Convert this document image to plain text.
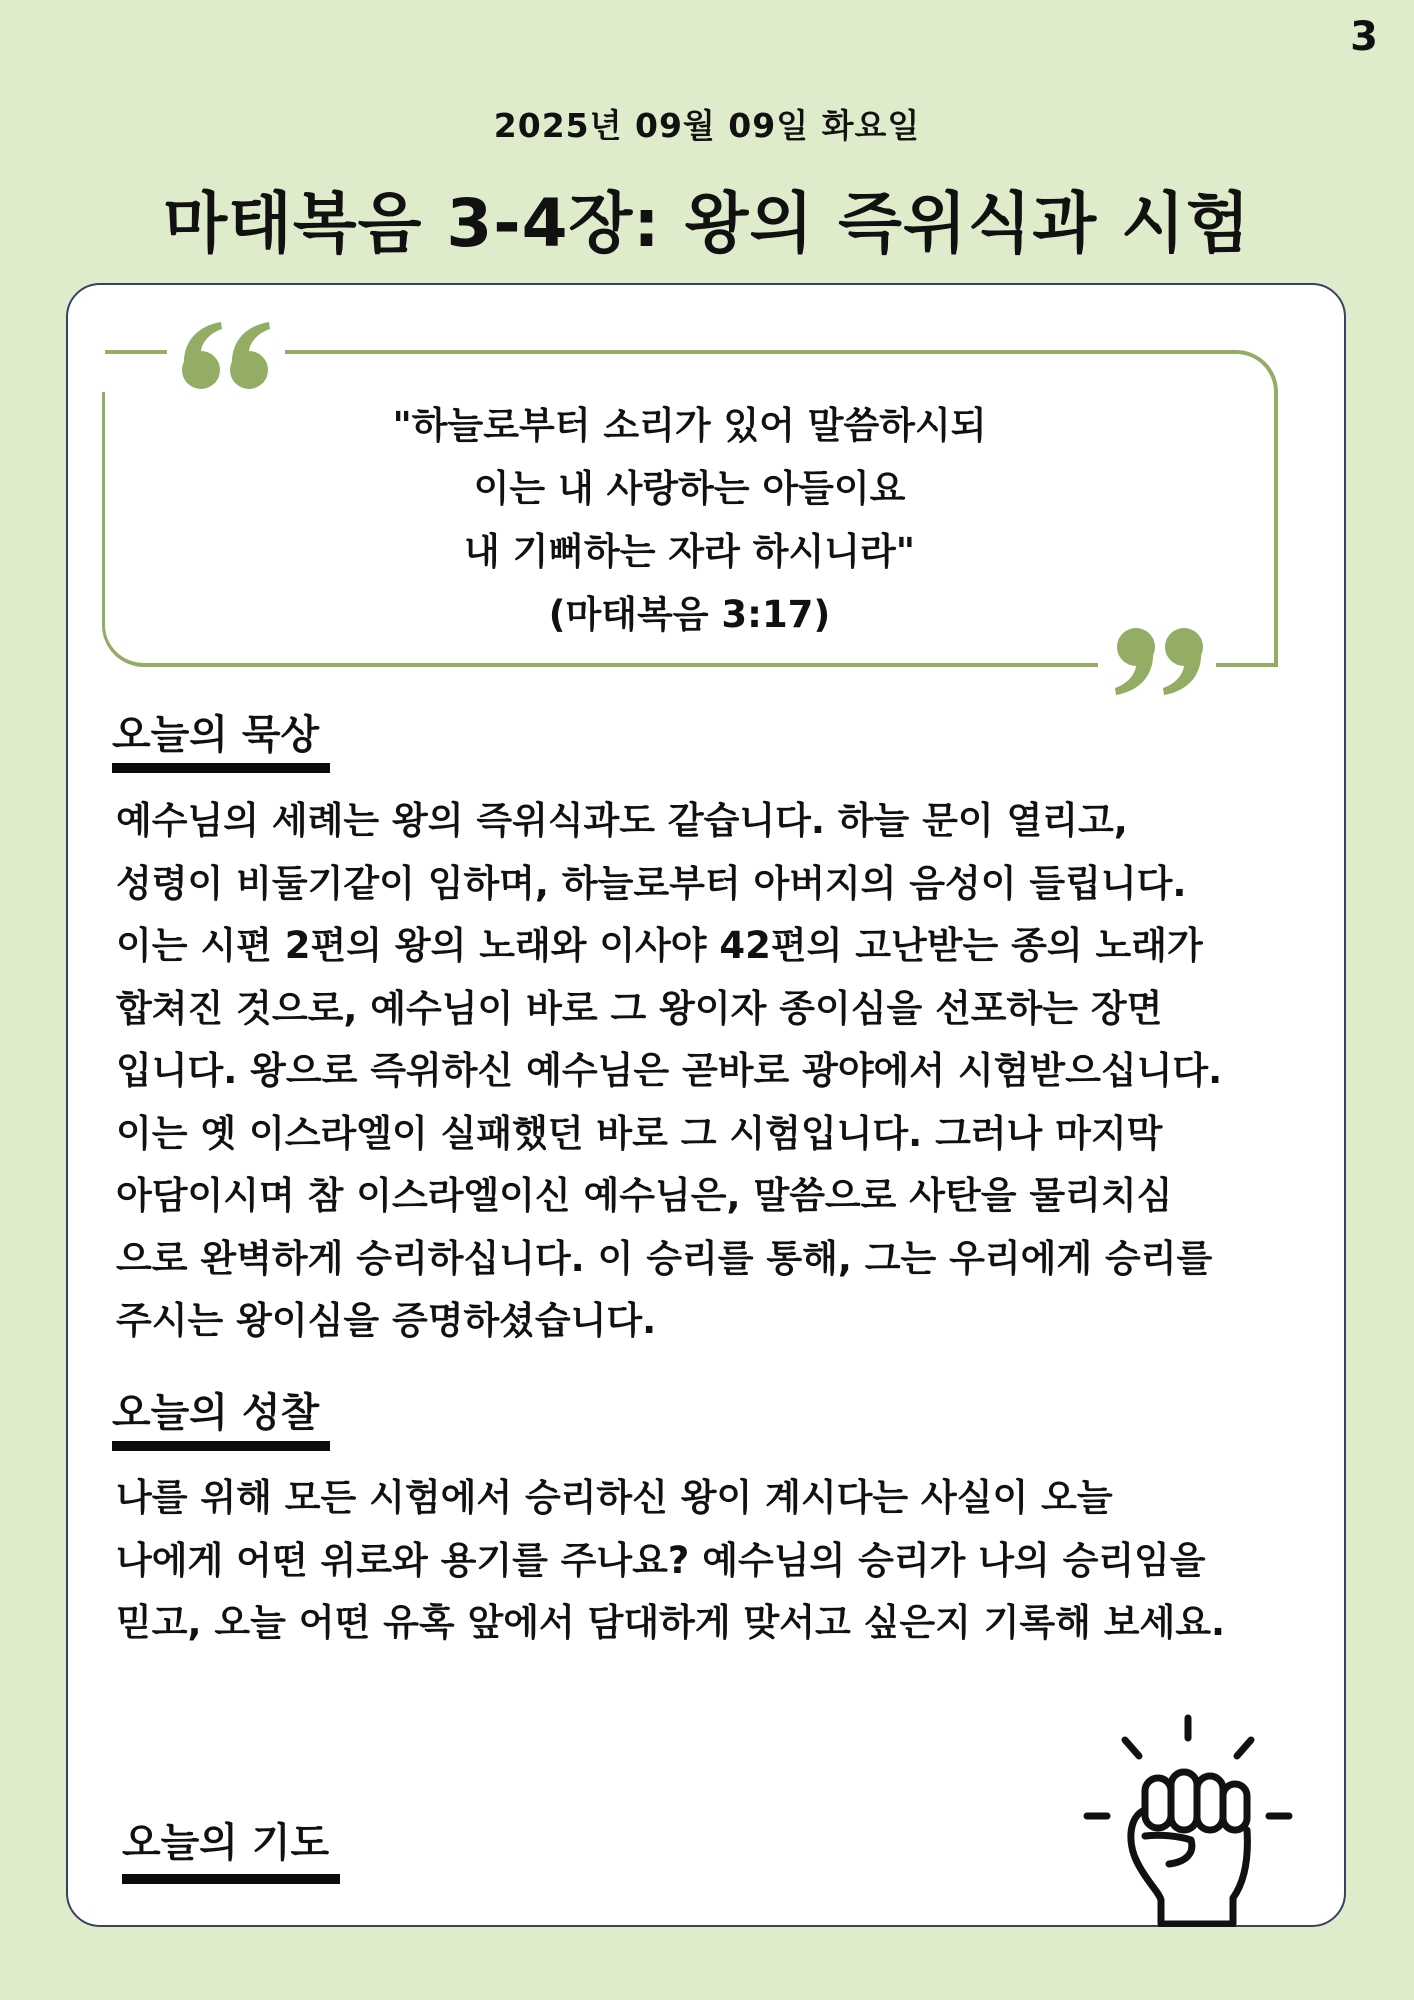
3
2025년 09월 09일 화요일
마태복음 3-4장: 왕의 즉위식과 시험
"하늘로부터 소리가 있어 말씀하시되
이는 내 사랑하는 아들이요
내 기뻐하는 자라 하시니라"
(마태복음 3:17)
오늘의 묵상
예수님의 세례는 왕의 즉위식과도 같습니다. 하늘 문이 열리고,
성령이 비둘기같이 임하며, 하늘로부터 아버지의 음성이 들립니다.
이는 시편 2편의 왕의 노래와 이사야 42편의 고난받는 종의 노래가
합쳐진 것으로, 예수님이 바로 그 왕이자 종이심을 선포하는 장면
입니다. 왕으로 즉위하신 예수님은 곧바로 광야에서 시험받으십니다.
이는 옛 이스라엘이 실패했던 바로 그 시험입니다. 그러나 마지막
아담이시며 참 이스라엘이신 예수님은, 말씀으로 사탄을 물리치심
으로 완벽하게 승리하십니다. 이 승리를 통해, 그는 우리에게 승리를
주시는 왕이심을 증명하셨습니다.
오늘의 성찰
나를 위해 모든 시험에서 승리하신 왕이 계시다는 사실이 오늘
나에게 어떤 위로와 용기를 주나요? 예수님의 승리가 나의 승리임을
믿고, 오늘 어떤 유혹 앞에서 담대하게 맞서고 싶은지 기록해 보세요.
오늘의 기도
